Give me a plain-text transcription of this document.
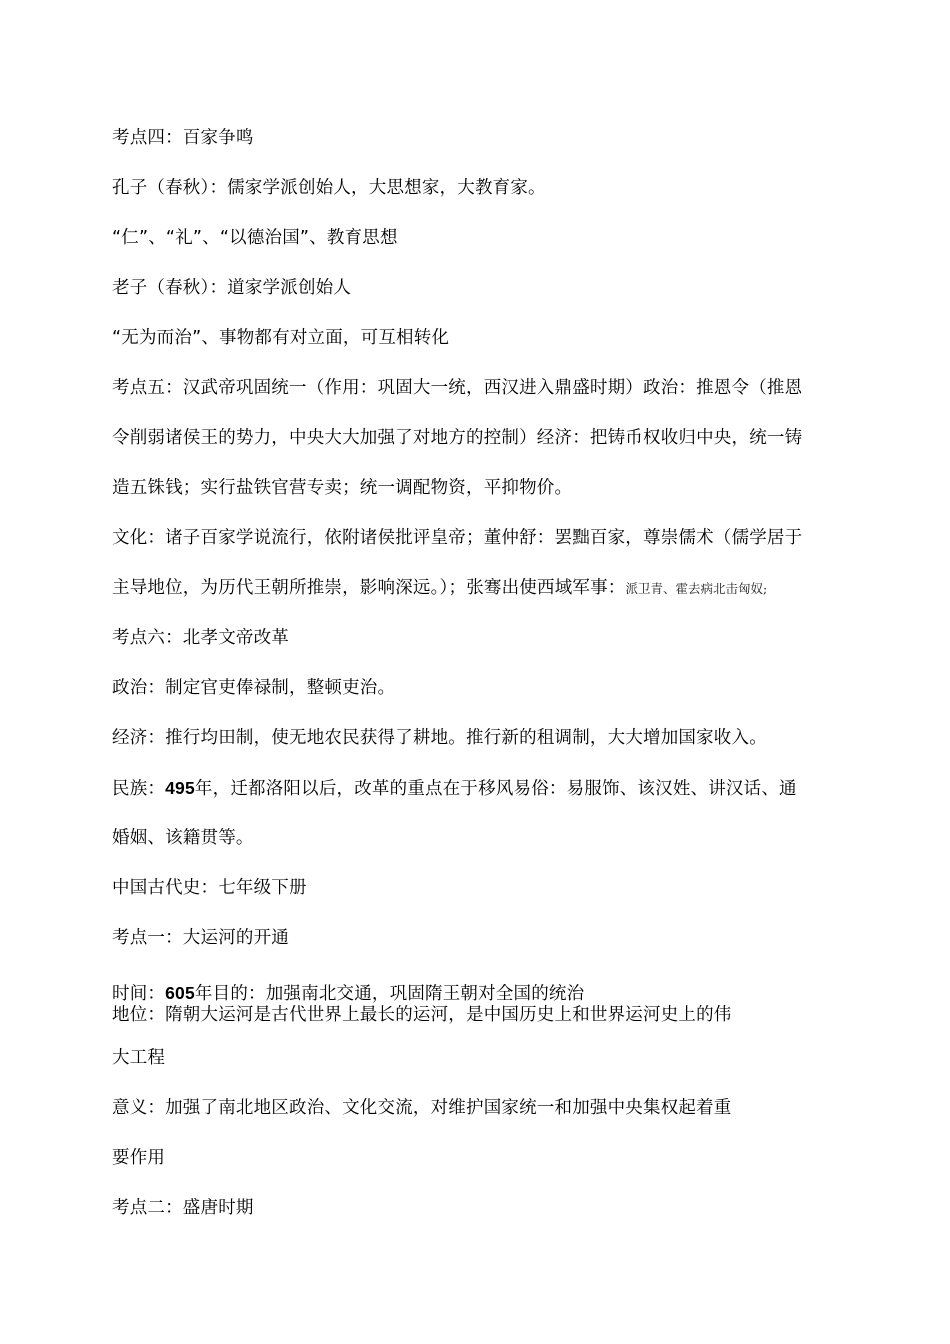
考点四：百家争鸣
孔子（春秋）：儒家学派创始人，大思想家，大教育家。
“仁”、“礼”、“以德治国”、教育思想
老子（春秋）：道家学派创始人
“无为而治”、事物都有对立面，可互相转化
考点五：汉武帝巩固统一（作用：巩固大一统，西汉进入鼎盛时期）政治：推恩令（推恩
令削弱诸侯王的势力，中央大大加强了对地方的控制）经济：把铸币权收归中央，统一铸
造五铢钱；实行盐铁官营专卖；统一调配物资，平抑物价。
文化：诸子百家学说流行，依附诸侯批评皇帝；董仲舒：罢黜百家，尊崇儒术（儒学居于
主导地位，为历代王朝所推崇，影响深远。）；张骞出使西域军事：派卫青、霍去病北击匈奴;
考点六：北孝文帝改革
政治：制定官吏俸禄制，整顿吏治。
经济：推行均田制，使无地农民获得了耕地。推行新的租调制，大大增加国家收入。
民族：495年，迁都洛阳以后，改革的重点在于移风易俗：易服饰、该汉姓、讲汉话、通
婚姻、该籍贯等。
中国古代史：七年级下册
考点一：大运河的开通
时间：605年目的：加强南北交通，巩固隋王朝对全国的统治
地位：隋朝大运河是古代世界上最长的运河，是中国历史上和世界运河史上的伟
大工程
意义：加强了南北地区政治、文化交流，对维护国家统一和加强中央集权起着重
要作用
考点二：盛唐时期
